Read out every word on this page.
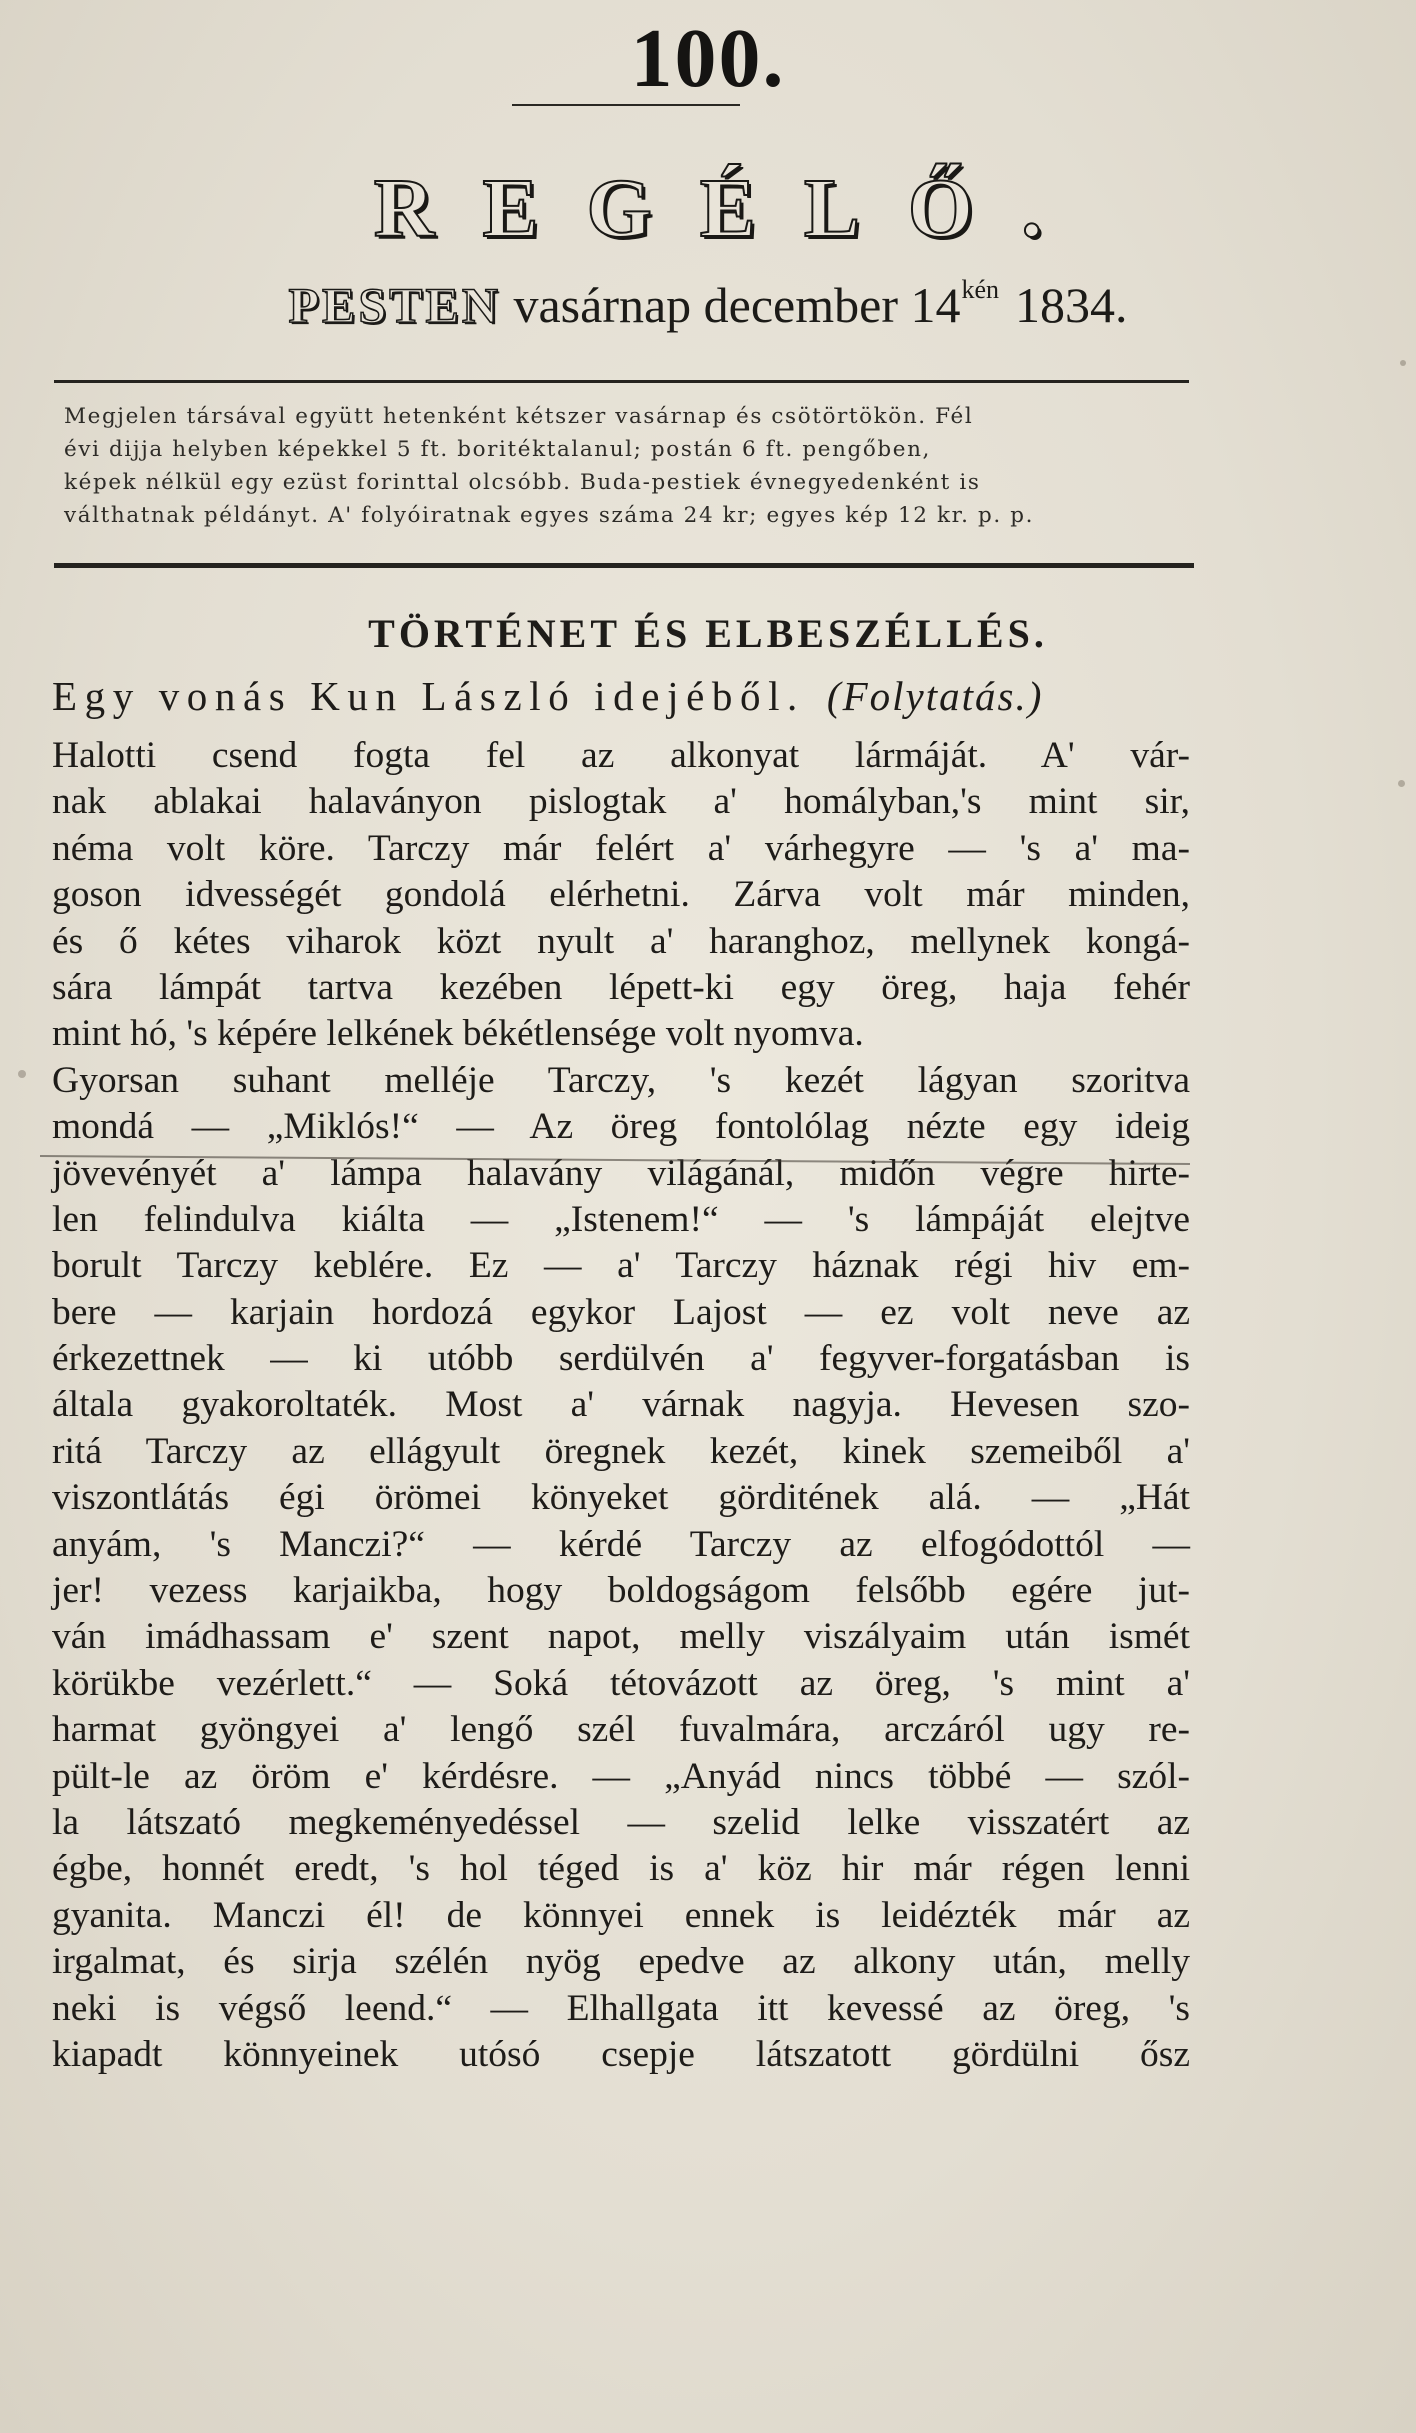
100.
REGÉLŐ.
PESTEN vasárnap december $14^{kén}$ 1834.
Megjelen társával együtt hetenként kétszer vasárnap és csötörtökön. Fél
évi dijja helyben képekkel 5 ft. boritéktalanul; postán 6 ft. pengőben,
képek nélkül egy ezüst forinttal olcsóbb. Buda-pestiek évnegyedenként is
válthatnak példányt. A' folyóiratnak egyes száma 24 kr; egyes kép 12 kr. p. p.
TÖRTÉNET ÉS ELBESZÉLLÉS.
Egy vonás Kun László idejéből. (Folytatás.)
Halotti csend fogta fel az alkonyat lármáját. A' vár-
nak ablakai halaványon pislogtak a' homályban,'s mint sir,
néma volt köre. Tarczy már felért a' várhegyre — 's a' ma-
goson idvességét gondolá elérhetni. Zárva volt már minden,
és ő kétes viharok közt nyult a' haranghoz, mellynek kongá-
sára lámpát tartva kezében lépett-ki egy öreg, haja fehér
mint hó, 's képére lelkének békétlensége volt nyomva.
Gyorsan suhant melléje Tarczy, 's kezét lágyan szoritva
mondá — „Miklós!“ — Az öreg fontolólag nézte egy ideig
jövevényét a' lámpa halavány világánál, midőn végre hirte-
len felindulva kiálta — „Istenem!“ — 's lámpáját elejtve
borult Tarczy keblére. Ez — a' Tarczy háznak régi hiv em-
bere — karjain hordozá egykor Lajost — ez volt neve az
érkezettnek — ki utóbb serdülvén a' fegyver-forgatásban is
általa gyakoroltaték. Most a' várnak nagyja. Hevesen szo-
ritá Tarczy az ellágyult öregnek kezét, kinek szemeiből a'
viszontlátás égi örömei könyeket görditének alá. — „Hát
anyám, 's Manczi?“ — kérdé Tarczy az elfogódottól —
jer! vezess karjaikba, hogy boldogságom felsőbb egére jut-
ván imádhassam e' szent napot, melly viszályaim után ismét
körükbe vezérlett.“ — Soká tétovázott az öreg, 's mint a'
harmat gyöngyei a' lengő szél fuvalmára, arczáról ugy re-
pült-le az öröm e' kérdésre. — „Anyád nincs többé — szól-
la látszató megkeményedéssel — szelid lelke visszatért az
égbe, honnét eredt, 's hol téged is a' köz hir már régen lenni
gyanita. Manczi él! de könnyei ennek is leidézték már az
irgalmat, és sirja szélén nyög epedve az alkony után, melly
neki is végső leend.“ — Elhallgata itt kevessé az öreg, 's
kiapadt könnyeinek utósó csepje látszatott gördülni ősz
